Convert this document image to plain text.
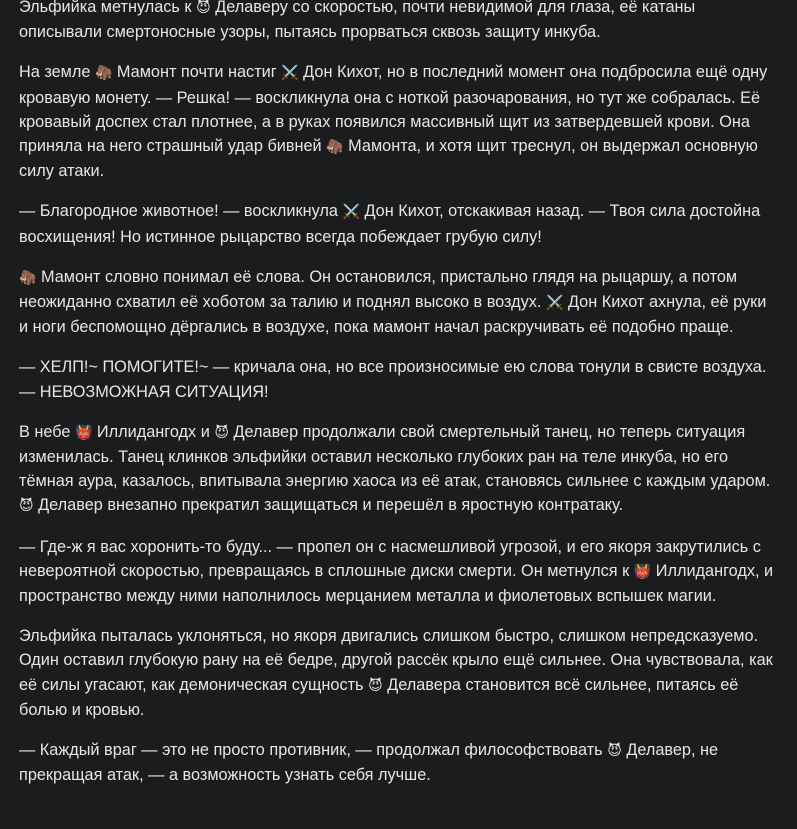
Эльфийка метнулась к 😈 Делаверу со скоростью, почти невидимой для глаза, её катаны описывали смертоносные узоры, пытаясь прорваться сквозь защиту инкуба.

На земле 🦣 Мамонт почти настиг ⚔️ Дон Кихот, но в последний момент она подбросила ещё одну кровавую монету. — Решка! — воскликнула она с ноткой разочарования, но тут же собралась. Её кровавый доспех стал плотнее, а в руках появился массивный щит из затвердевшей крови. Она приняла на него страшный удар бивней 🦣 Мамонта, и хотя щит треснул, он выдержал основную силу атаки.

— Благородное животное! — воскликнула ⚔️ Дон Кихот, отскакивая назад. — Твоя сила достойна восхищения! Но истинное рыцарство всегда побеждает грубую силу!

🦣 Мамонт словно понимал её слова. Он остановился, пристально глядя на рыцаршу, а потом неожиданно схватил её хоботом за талию и поднял высоко в воздух. ⚔️ Дон Кихот ахнула, её руки и ноги беспомощно дёргались в воздухе, пока мамонт начал раскручивать её подобно праще.

— ХЕЛП!~ ПОМОГИТЕ!~ — кричала она, но все произносимые ею слова тонули в свисте воздуха. — НЕВОЗМОЖНАЯ СИТУАЦИЯ!

В небе 👹 Иллидангодх и 😈 Делавер продолжали свой смертельный танец, но теперь ситуация изменилась. Танец клинков эльфийки оставил несколько глубоких ран на теле инкуба, но его тёмная аура, казалось, впитывала энергию хаоса из её атак, становясь сильнее с каждым ударом. 😈 Делавер внезапно прекратил защищаться и перешёл в яростную контратаку.

— Где-ж я вас хоронить-то буду... — пропел он с насмешливой угрозой, и его якоря закрутились с невероятной скоростью, превращаясь в сплошные диски смерти. Он метнулся к 👹 Иллидангодх, и пространство между ними наполнилось мерцанием металла и фиолетовых вспышек магии.

Эльфийка пыталась уклоняться, но якоря двигались слишком быстро, слишком непредсказуемо. Один оставил глубокую рану на её бедре, другой рассёк крыло ещё сильнее. Она чувствовала, как её силы угасают, как демоническая сущность 😈 Делавера становится всё сильнее, питаясь её болью и кровью.

— Каждый враг — это не просто противник, — продолжал философствовать 😈 Делавер, не прекращая атак, — а возможность узнать себя лучше.
